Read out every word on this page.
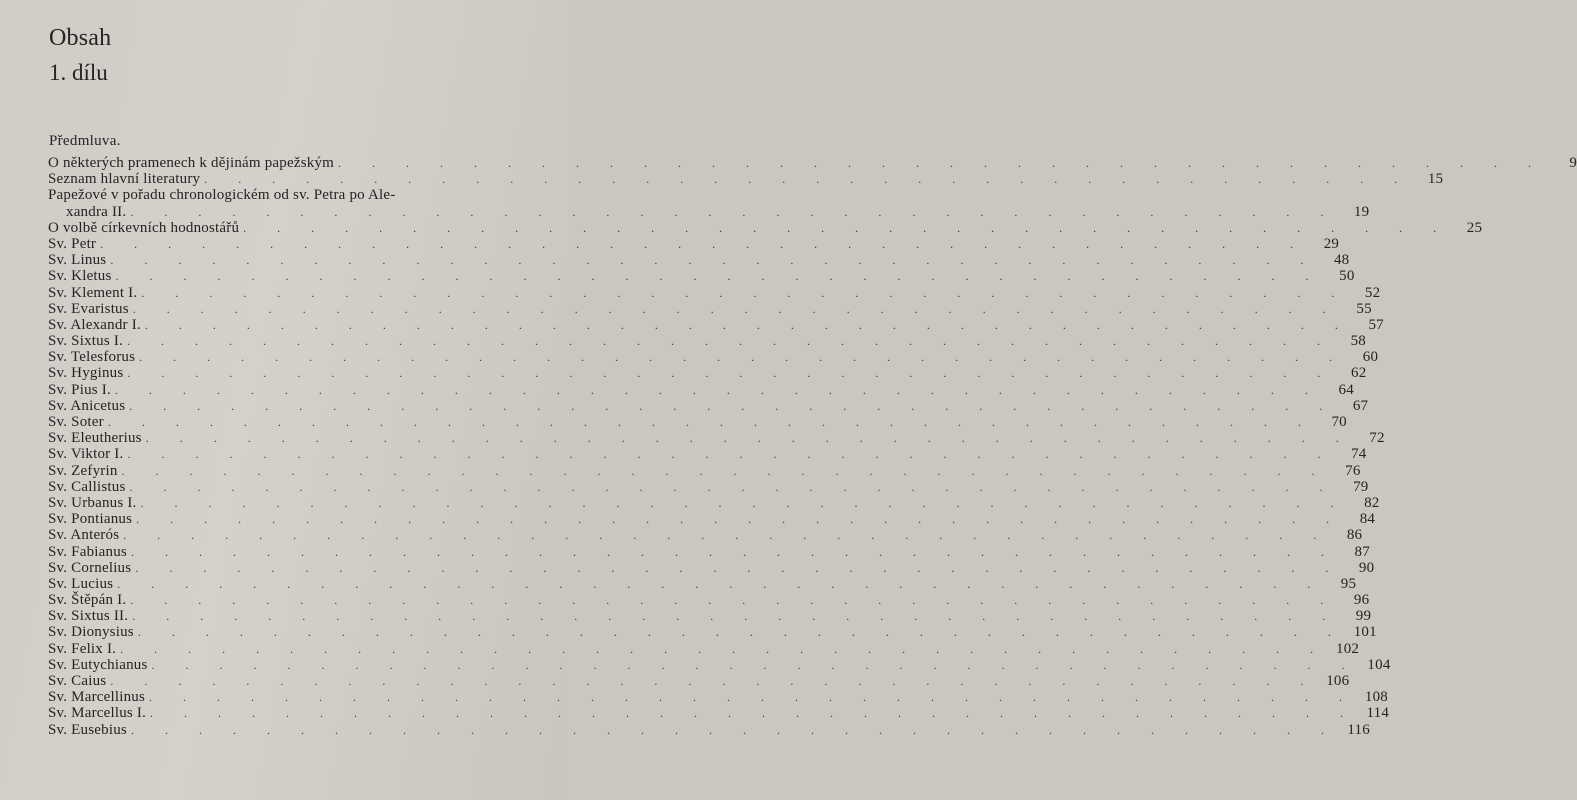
Obsah
1. dílu
Předmluva.
O některých pramenech k dějinám papežským . . . . . . . . . . . . . . . . . . . . . . . . . . . . . . . . . . . .	9
Seznam hlavní literatury . . . . . . . . . . . . . . . . . . . . . . . . . . . . . . . . . . . .	15
Papežové v pořadu chronologickém od sv. Petra po Ale-
xandra II. . . . . . . . . . . . . . . . . . . . . . . . . . . . . . . . . . . . .	19
O volbě církevních hodnostářů . . . . . . . . . . . . . . . . . . . . . . . . . . . . . . . . . . . .	25
Sv. Petr . . . . . . . . . . . . . . . . . . . . . . . . . . . . . . . . . . . .	29
Sv. Linus . . . . . . . . . . . . . . . . . . . . . . . . . . . . . . . . . . . .	48
Sv. Kletus . . . . . . . . . . . . . . . . . . . . . . . . . . . . . . . . . . . .	50
Sv. Klement I. . . . . . . . . . . . . . . . . . . . . . . . . . . . . . . . . . . . .	52
Sv. Evaristus . . . . . . . . . . . . . . . . . . . . . . . . . . . . . . . . . . . .	55
Sv. Alexandr I. . . . . . . . . . . . . . . . . . . . . . . . . . . . . . . . . . . . .	57
Sv. Sixtus I. . . . . . . . . . . . . . . . . . . . . . . . . . . . . . . . . . . . .	58
Sv. Telesforus . . . . . . . . . . . . . . . . . . . . . . . . . . . . . . . . . . . .	60
Sv. Hyginus . . . . . . . . . . . . . . . . . . . . . . . . . . . . . . . . . . . .	62
Sv. Pius I. . . . . . . . . . . . . . . . . . . . . . . . . . . . . . . . . . . . .	64
Sv. Anicetus . . . . . . . . . . . . . . . . . . . . . . . . . . . . . . . . . . . .	67
Sv. Soter . . . . . . . . . . . . . . . . . . . . . . . . . . . . . . . . . . . .	70
Sv. Eleutherius . . . . . . . . . . . . . . . . . . . . . . . . . . . . . . . . . . . .	72
Sv. Viktor I. . . . . . . . . . . . . . . . . . . . . . . . . . . . . . . . . . . . .	74
Sv. Zefyrin . . . . . . . . . . . . . . . . . . . . . . . . . . . . . . . . . . . .	76
Sv. Callistus . . . . . . . . . . . . . . . . . . . . . . . . . . . . . . . . . . . .	79
Sv. Urbanus I. . . . . . . . . . . . . . . . . . . . . . . . . . . . . . . . . . . . .	82
Sv. Pontianus . . . . . . . . . . . . . . . . . . . . . . . . . . . . . . . . . . . .	84
Sv. Anterós . . . . . . . . . . . . . . . . . . . . . . . . . . . . . . . . . . . .	86
Sv. Fabianus . . . . . . . . . . . . . . . . . . . . . . . . . . . . . . . . . . . .	87
Sv. Cornelius . . . . . . . . . . . . . . . . . . . . . . . . . . . . . . . . . . . .	90
Sv. Lucius . . . . . . . . . . . . . . . . . . . . . . . . . . . . . . . . . . . .	95
Sv. Štěpán I. . . . . . . . . . . . . . . . . . . . . . . . . . . . . . . . . . . . .	96
Sv. Sixtus II. . . . . . . . . . . . . . . . . . . . . . . . . . . . . . . . . . . . .	99
Sv. Dionysius . . . . . . . . . . . . . . . . . . . . . . . . . . . . . . . . . . . . 101
Sv. Felix I. . . . . . . . . . . . . . . . . . . . . . . . . . . . . . . . . . . . . 102
Sv. Eutychianus . . . . . . . . . . . . . . . . . . . . . . . . . . . . . . . . . . . . 104
Sv. Caius . . . . . . . . . . . . . . . . . . . . . . . . . . . . . . . . . . . . 106
Sv. Marcellinus . . . . . . . . . . . . . . . . . . . . . . . . . . . . . . . . . . . . 108
Sv. Marcellus I. . . . . . . . . . . . . . . . . . . . . . . . . . . . . . . . . . . . . 114
Sv. Eusebius . . . . . . . . . . . . . . . . . . . . . . . . . . . . . . . . . . . . 116
